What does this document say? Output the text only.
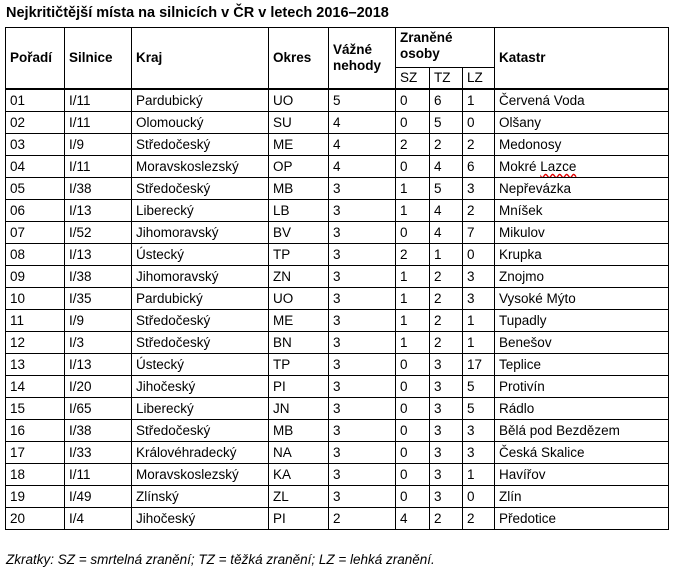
Nejkritičtější místa na silnicích v ČR v letech 2016–2018
Pořadí	Silnice	Kraj	Okres	Vážné
nehody	Zraněné
osoby			Katastr
					SZ	TZ	LZ	
01	I/11	Pardubický	UO	5	0	6	1	Červená Voda
02	I/11	Olomoucký	SU	4	0	5	0	Olšany
03	I/9	Středočeský	ME	4	2	2	2	Medonosy
04	I/11	Moravskoslezský	OP	4	0	4	6	Mokré Lazce
05	I/38	Středočeský	MB	3	1	5	3	Nepřevázka
06	I/13	Liberecký	LB	3	1	4	2	Mníšek
07	I/52	Jihomoravský	BV	3	0	4	7	Mikulov
08	I/13	Ústecký	TP	3	2	1	0	Krupka
09	I/38	Jihomoravský	ZN	3	1	2	3	Znojmo
10	I/35	Pardubický	UO	3	1	2	3	Vysoké Mýto
11	I/9	Středočeský	ME	3	1	2	1	Tupadly
12	I/3	Středočeský	BN	3	1	2	1	Benešov
13	I/13	Ústecký	TP	3	0	3	17	Teplice
14	I/20	Jihočeský	PI	3	0	3	5	Protivín
15	I/65	Liberecký	JN	3	0	3	5	Rádlo
16	I/38	Středočeský	MB	3	0	3	3	Bělá pod Bezdězem
17	I/33	Královéhradecký	NA	3	0	3	3	Česká Skalice
18	I/11	Moravskoslezský	KA	3	0	3	1	Havířov
19	I/49	Zlínský	ZL	3	0	3	0	Zlín
20	I/4	Jihočeský	PI	2	4	2	2	Předotice
Zkratky: SZ = smrtelná zranění; TZ = těžká zranění; LZ = lehká zranění.
